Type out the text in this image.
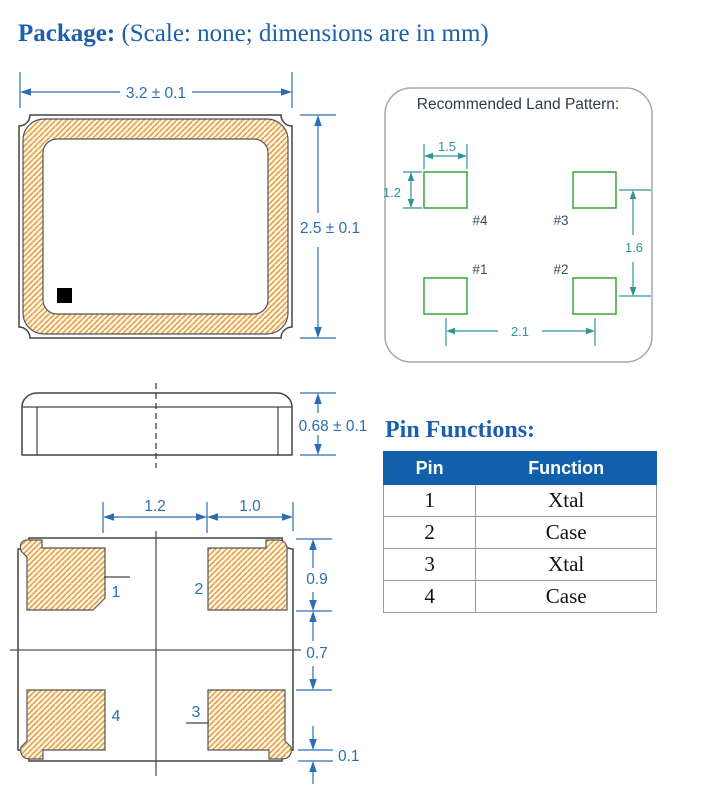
Package: (Scale: none; dimensions are in mm)
3.2 ± 0.1
2.5 ± 0.1
Recommended Land Pattern:
#4	#3
#1	#2
1.5
1.2
1.6
2.1
0.68 ± 0.1
1.2	1.0
1	2
3
4
0.9
0.7
0.1
Pin Functions:
Pin	Function
1	Xtal
2	Case
3	Xtal
4	Case
